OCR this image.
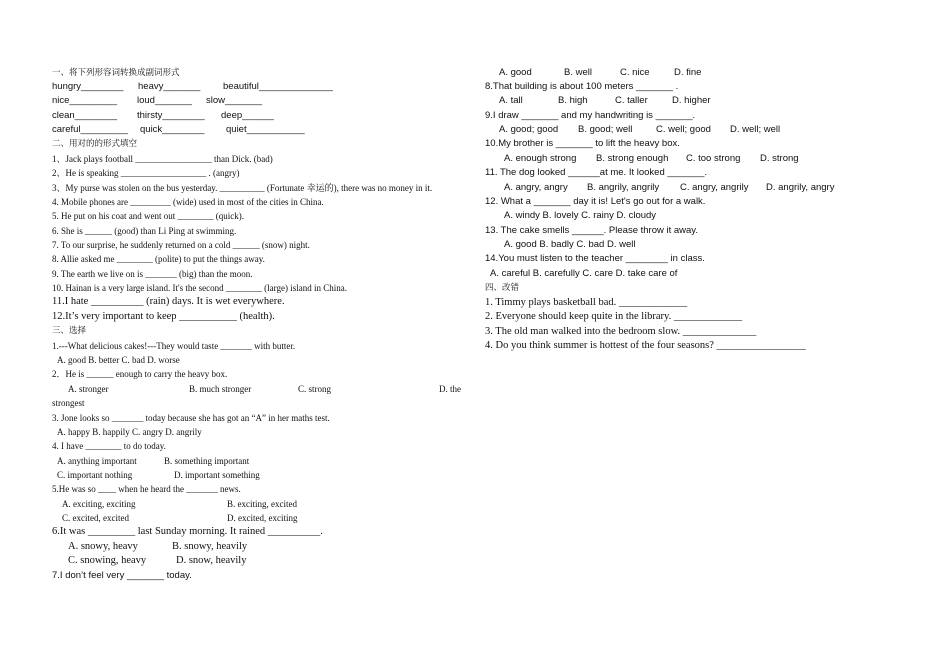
一、将下列形容词转换成副词形式
hungry________ heavy_______ beautiful______________
nice_________ loud_______ slow_______
clean________ thirsty________ deep______
careful_________ quick________ quiet___________
二、用对的的形式填空
1、Jack plays football _________________ than Dick. (bad)
2、He is speaking ___________________ . (angry)
3、My purse was stolen on the bus yesterday. __________ (Fortunate 幸运的), there was no money in it.
4. Mobile phones are _________ (wide) used in most of the cities in China.
5. He put on his coat and went out ________ (quick).
6. She is ______ (good) than Li Ping at swimming.
7. To our surprise, he suddenly returned on a cold ______ (snow) night.
8. Allie asked me ________ (polite) to put the things away.
9. The earth we live on is _______ (big) than the moon.
10. Hainan is a very large island. It's the second ________ (large) island in China.
11.I hate __________ (rain) days. It is wet everywhere.
12.It’s very important to keep ___________ (health).
三、选择
1.---What delicious cakes!---They would taste _______ with butter.
A. good B. better C. bad D. worse
2．He is ______ enough to carry the heavy box.
A. stronger	B. much stronger	C. strong	D. the
strongest
3. Jone looks so _______ today because she has got an “A” in her maths test.
A. happy B. happily C. angry D. angrily
4. I have ________ to do today.
A. anything important	B. something important
C. important nothing	D. important something
5.He was so ____ when he heard the _______ news.
A. exciting, exciting	B. exciting, excited
C. excited, excited	D. excited, exciting
6.It was _________ last Sunday morning. It rained __________.
A. snowy, heavy	B. snowy, heavily
C. snowing, heavy	D. snow, heavily
7.I don’t feel very _______ today.
A. good	B. well	C. nice	D. fine
8.That building is about 100 meters _______ .
A. tall	B. high	C. taller	D. higher
9.I draw _______ and my handwriting is _______.
A. good; good B. good; well C. well; good D. well; well
10.My brother is _______ to lift the heavy box.
A. enough strong B. strong enough C. too strong D. strong
11. The dog looked ______at me. It looked _______.
A. angry, angry B. angrily, angrily C. angry, angrily D. angrily, angry
12. What a _______ day it is! Let's go out for a walk.
A. windy B. lovely C. rainy D. cloudy
13. The cake smells ______. Please throw it away.
A. good B. badly C. bad D. well
14.You must listen to the teacher ________ in class.
A. careful B. carefully C. care D. take care of
四、改错
1. Timmy plays basketball bad. _____________
2. Everyone should keep quite in the library. _____________
3. The old man walked into the bedroom slow. ______________
4. Do you think summer is hottest of the four seasons? _________________
